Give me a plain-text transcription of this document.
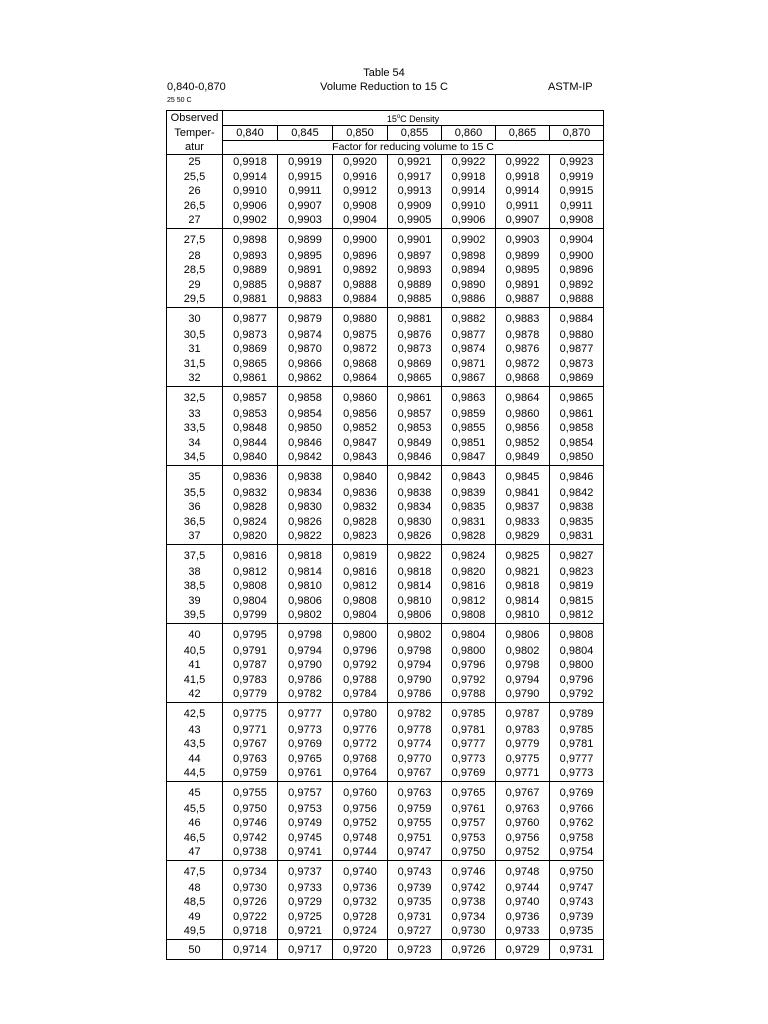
Table 54
0,840-0,870	Volume Reduction to 15 C	ASTM-IP
25 50 C
Observed	15$^o$C Density						
Temper-	0,840	0,845	0,850	0,855	0,860	0,865	0,870
atur	Factor for reducing volume to 15 C						
25	0,9918	0,9919	0,9920	0,9921	0,9922	0,9922	0,9923
25,5	0,9914	0,9915	0,9916	0,9917	0,9918	0,9918	0,9919
26	0,9910	0,9911	0,9912	0,9913	0,9914	0,9914	0,9915
26,5	0,9906	0,9907	0,9908	0,9909	0,9910	0,9911	0,9911
27	0,9902	0,9903	0,9904	0,9905	0,9906	0,9907	0,9908
27,5	0,9898	0,9899	0,9900	0,9901	0,9902	0,9903	0,9904
28	0,9893	0,9895	0,9896	0,9897	0,9898	0,9899	0,9900
28,5	0,9889	0,9891	0,9892	0,9893	0,9894	0,9895	0,9896
29	0,9885	0,9887	0,9888	0,9889	0,9890	0,9891	0,9892
29,5	0,9881	0,9883	0,9884	0,9885	0,9886	0,9887	0,9888
30	0,9877	0,9879	0,9880	0,9881	0,9882	0,9883	0,9884
30,5	0,9873	0,9874	0,9875	0,9876	0,9877	0,9878	0,9880
31	0,9869	0,9870	0,9872	0,9873	0,9874	0,9876	0,9877
31,5	0,9865	0,9866	0,9868	0,9869	0,9871	0,9872	0,9873
32	0,9861	0,9862	0,9864	0,9865	0,9867	0,9868	0,9869
32,5	0,9857	0,9858	0,9860	0,9861	0,9863	0,9864	0,9865
33	0,9853	0,9854	0,9856	0,9857	0,9859	0,9860	0,9861
33,5	0,9848	0,9850	0,9852	0,9853	0,9855	0,9856	0,9858
34	0,9844	0,9846	0,9847	0,9849	0,9851	0,9852	0,9854
34,5	0,9840	0,9842	0,9843	0,9846	0,9847	0,9849	0,9850
35	0,9836	0,9838	0,9840	0,9842	0,9843	0,9845	0,9846
35,5	0,9832	0,9834	0,9836	0,9838	0,9839	0,9841	0,9842
36	0,9828	0,9830	0,9832	0,9834	0,9835	0,9837	0,9838
36,5	0,9824	0,9826	0,9828	0,9830	0,9831	0,9833	0,9835
37	0,9820	0,9822	0,9823	0,9826	0,9828	0,9829	0,9831
37,5	0,9816	0,9818	0,9819	0,9822	0,9824	0,9825	0,9827
38	0,9812	0,9814	0,9816	0,9818	0,9820	0,9821	0,9823
38,5	0,9808	0,9810	0,9812	0,9814	0,9816	0,9818	0,9819
39	0,9804	0,9806	0,9808	0,9810	0,9812	0,9814	0,9815
39,5	0,9799	0,9802	0,9804	0,9806	0,9808	0,9810	0,9812
40	0,9795	0,9798	0,9800	0,9802	0,9804	0,9806	0,9808
40,5	0,9791	0,9794	0,9796	0,9798	0,9800	0,9802	0,9804
41	0,9787	0,9790	0,9792	0,9794	0,9796	0,9798	0,9800
41,5	0,9783	0,9786	0,9788	0,9790	0,9792	0,9794	0,9796
42	0,9779	0,9782	0,9784	0,9786	0,9788	0,9790	0,9792
42,5	0,9775	0,9777	0,9780	0,9782	0,9785	0,9787	0,9789
43	0,9771	0,9773	0,9776	0,9778	0,9781	0,9783	0,9785
43,5	0,9767	0,9769	0,9772	0,9774	0,9777	0,9779	0,9781
44	0,9763	0,9765	0,9768	0,9770	0,9773	0,9775	0,9777
44,5	0,9759	0,9761	0,9764	0,9767	0,9769	0,9771	0,9773
45	0,9755	0,9757	0,9760	0,9763	0,9765	0,9767	0,9769
45,5	0,9750	0,9753	0,9756	0,9759	0,9761	0,9763	0,9766
46	0,9746	0,9749	0,9752	0,9755	0,9757	0,9760	0,9762
46,5	0,9742	0,9745	0,9748	0,9751	0,9753	0,9756	0,9758
47	0,9738	0,9741	0,9744	0,9747	0,9750	0,9752	0,9754
47,5	0,9734	0,9737	0,9740	0,9743	0,9746	0,9748	0,9750
48	0,9730	0,9733	0,9736	0,9739	0,9742	0,9744	0,9747
48,5	0,9726	0,9729	0,9732	0,9735	0,9738	0,9740	0,9743
49	0,9722	0,9725	0,9728	0,9731	0,9734	0,9736	0,9739
49,5	0,9718	0,9721	0,9724	0,9727	0,9730	0,9733	0,9735
50	0,9714	0,9717	0,9720	0,9723	0,9726	0,9729	0,9731
